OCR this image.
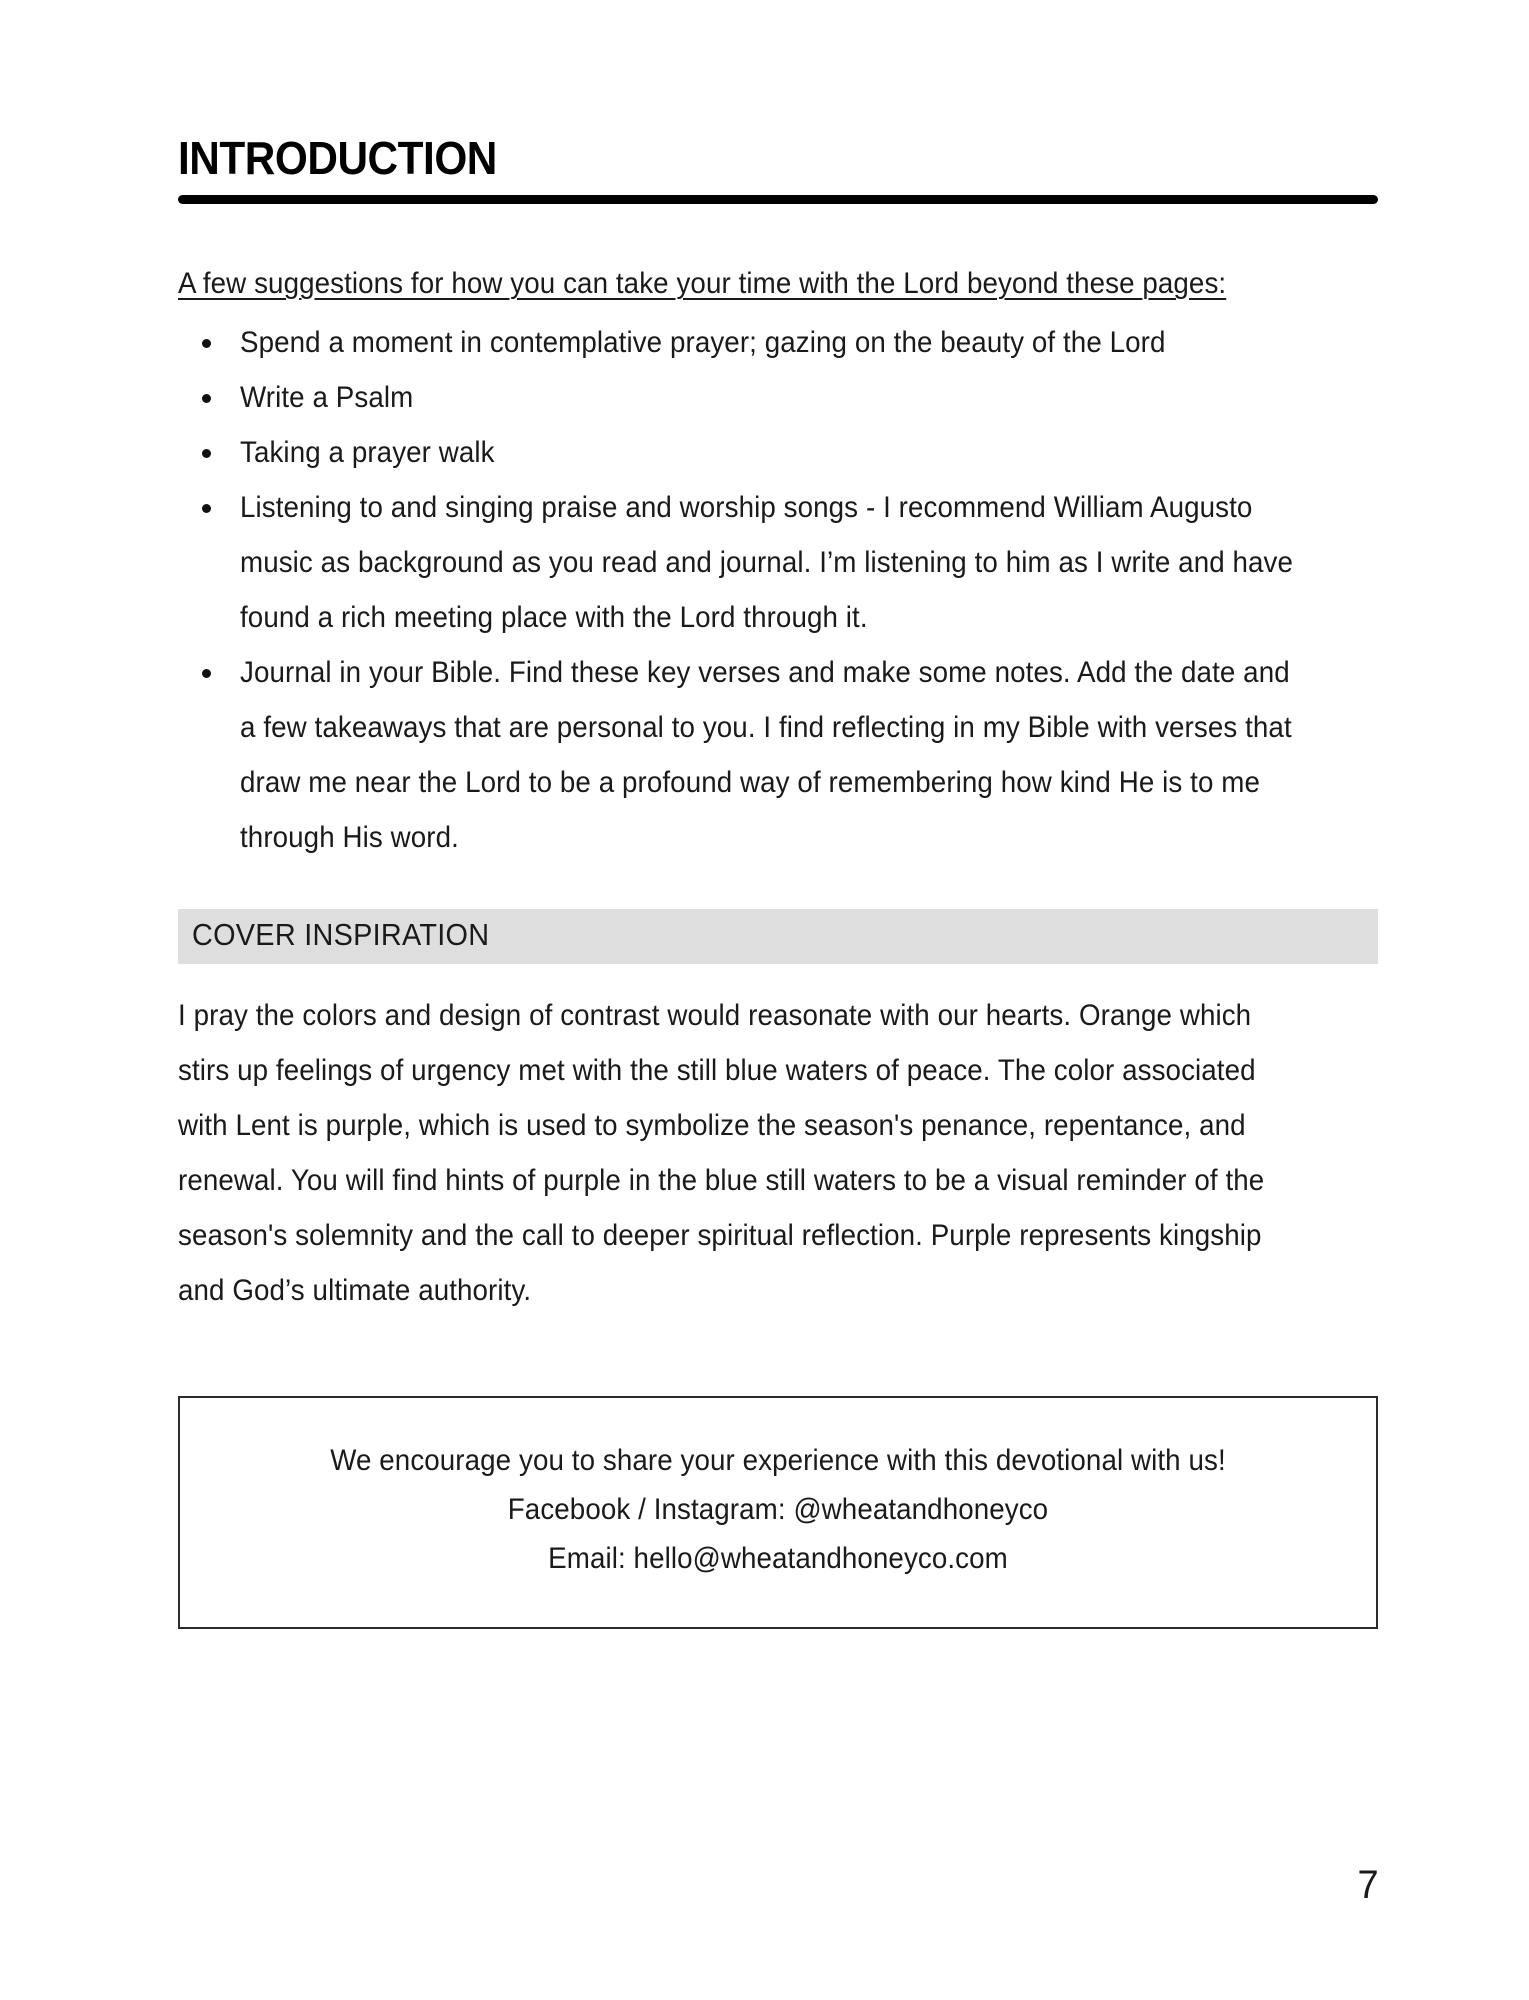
INTRODUCTION

A few suggestions for how you can take your time with the Lord beyond these pages:

Spend a moment in contemplative prayer; gazing on the beauty of the Lord
Write a Psalm
Taking a prayer walk
Listening to and singing praise and worship songs - I recommend William Augusto music as background as you read and journal. I’m listening to him as I write and have found a rich meeting place with the Lord through it.
Journal in your Bible. Find these key verses and make some notes. Add the date and a few takeaways that are personal to you. I find reflecting in my Bible with verses that draw me near the Lord to be a profound way of remembering how kind He is to me through His word.
COVER INSPIRATION

I pray the colors and design of contrast would reasonate with our hearts. Orange which stirs up feelings of urgency met with the still blue waters of peace. The color associated with Lent is purple, which is used to symbolize the season's penance, repentance, and renewal. You will find hints of purple in the blue still waters to be a visual reminder of the season's solemnity and the call to deeper spiritual reflection. Purple represents kingship and God’s ultimate authority.

We encourage you to share your experience with this devotional with us!
Facebook / Instagram: @wheatandhoneyco
Email: hello@wheatandhoneyco.com
7
